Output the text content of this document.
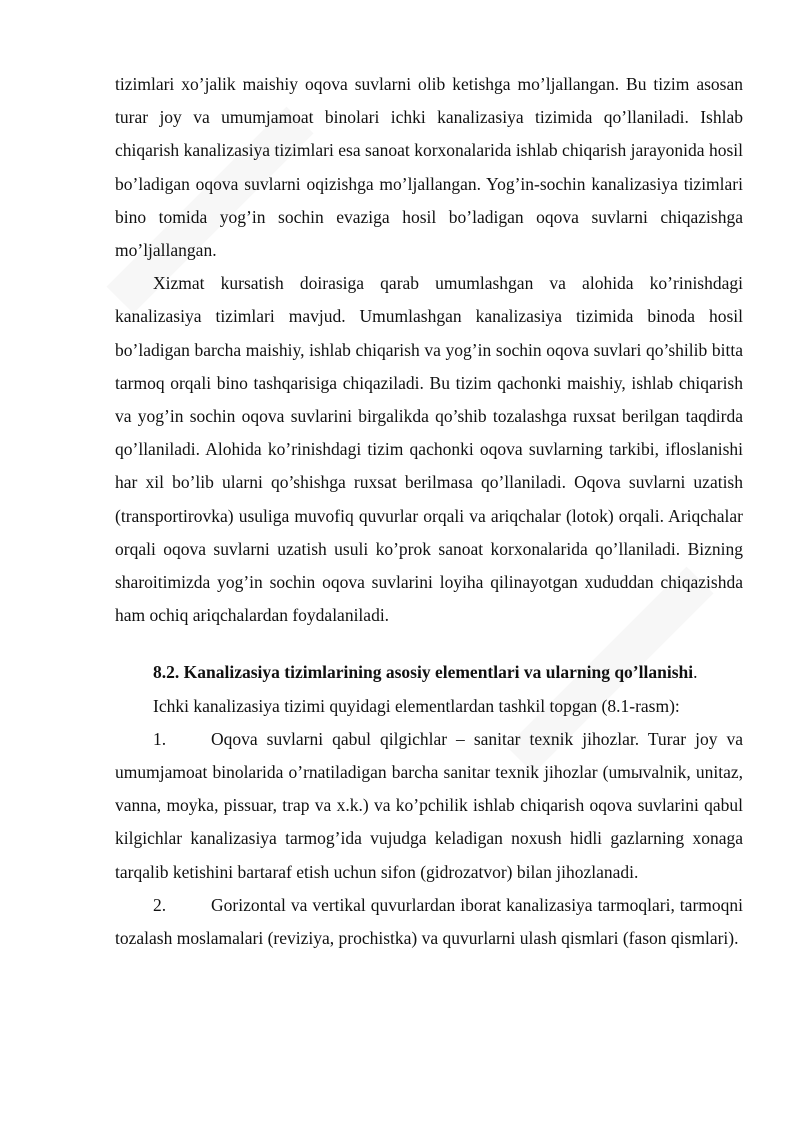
tizimlari xo’jalik maishiy oqova suvlarni olib ketishga mo’ljallangan. Bu tizim asosan turar joy va umumjamoat binolari ichki kanalizasiya tizimida qo’llaniladi. Ishlab chiqarish kanalizasiya tizimlari esa sanoat korxonalarida ishlab chiqarish jarayonida hosil bo’ladigan oqova suvlarni oqizishga mo’ljallangan. Yog’in-sochin kanalizasiya tizimlari bino tomida yog’in sochin evaziga hosil bo’ladigan oqova suvlarni chiqazishga mo’ljallangan.

Xizmat kursatish doirasiga qarab umumlashgan va alohida ko’rinishdagi kanalizasiya tizimlari mavjud. Umumlashgan kanalizasiya tizimida binoda hosil bo’ladigan barcha maishiy, ishlab chiqarish va yog’in sochin oqova suvlari qo’shilib bitta tarmoq orqali bino tashqarisiga chiqaziladi. Bu tizim qachonki maishiy, ishlab chiqarish va yog’in sochin oqova suvlarini birgalikda qo’shib tozalashga ruxsat berilgan taqdirda qo’llaniladi. Alohida ko’rinishdagi tizim qachonki oqova suvlarning tarkibi, ifloslanishi har xil bo’lib ularni qo’shishga ruxsat berilmasa qo’llaniladi. Oqova suvlarni uzatish (transportirovka) usuliga muvofiq quvurlar orqali va ariqchalar (lotok) orqali. Ariqchalar orqali oqova suvlarni uzatish usuli ko’prok sanoat korxonalarida qo’llaniladi. Bizning sharoitimizda yog’in sochin oqova suvlarini loyiha qilinayotgan xududdan chiqazishda ham ochiq ariqchalardan foydalaniladi.

8.2. Kanalizasiya tizimlarining asosiy elementlari va ularning qo’llanishi.

Ichki kanalizasiya tizimi quyidagi elementlardan tashkil topgan (8.1-rasm):

1.	Oqova suvlarni qabul qilgichlar – sanitar texnik jihozlar. Turar joy va umumjamoat binolarida o’rnatiladigan barcha sanitar texnik jihozlar (umыvalnik, unitaz, vanna, moyka, pissuar, trap va x.k.) va ko’pchilik ishlab chiqarish oqova suvlarini qabul kilgichlar kanalizasiya tarmog’ida vujudga keladigan noxush hidli gazlarning xonaga tarqalib ketishini bartaraf etish uchun sifon (gidrozatvor) bilan jihozlanadi.

2.	Gorizontal va vertikal quvurlardan iborat kanalizasiya tarmoqlari, tarmoqni tozalash moslamalari (reviziya, prochistka) va quvurlarni ulash qismlari (fason qismlari).
